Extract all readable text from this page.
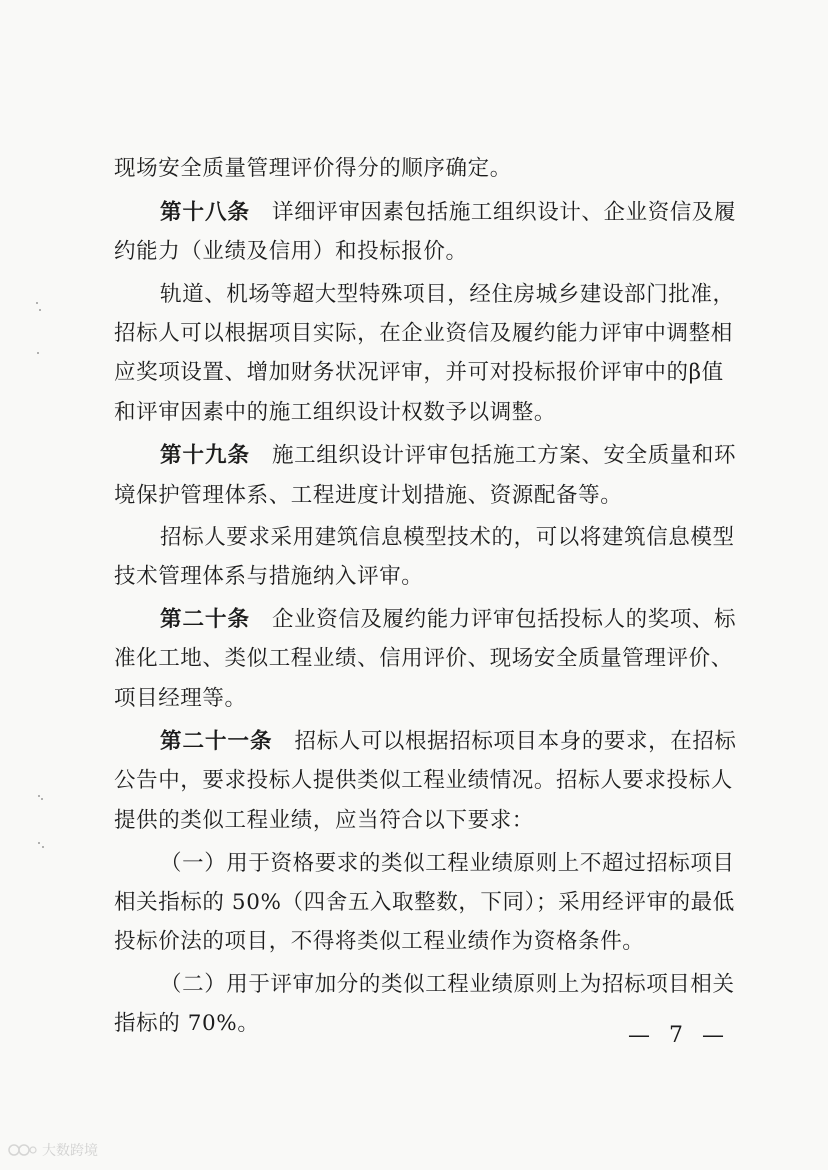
现场安全质量管理评价得分的顺序确定。
第十八条 详细评审因素包括施工组织设计、企业资信及履
约能力（业绩及信用）和投标报价。
轨道、机场等超大型特殊项目，经住房城乡建设部门批准，
招标人可以根据项目实际，在企业资信及履约能力评审中调整相
应奖项设置、增加财务状况评审，并可对投标报价评审中的β值
和评审因素中的施工组织设计权数予以调整。
第十九条 施工组织设计评审包括施工方案、安全质量和环
境保护管理体系、工程进度计划措施、资源配备等。
招标人要求采用建筑信息模型技术的，可以将建筑信息模型
技术管理体系与措施纳入评审。
第二十条 企业资信及履约能力评审包括投标人的奖项、标
准化工地、类似工程业绩、信用评价、现场安全质量管理评价、
项目经理等。
第二十一条 招标人可以根据招标项目本身的要求，在招标
公告中，要求投标人提供类似工程业绩情况。招标人要求投标人
提供的类似工程业绩，应当符合以下要求：
（一）用于资格要求的类似工程业绩原则上不超过招标项目
相关指标的 50%（四舍五入取整数，下同）；采用经评审的最低
投标价法的项目，不得将类似工程业绩作为资格条件。
（二）用于评审加分的类似工程业绩原则上为招标项目相关
指标的 70%。	— 7 —
大数跨境
